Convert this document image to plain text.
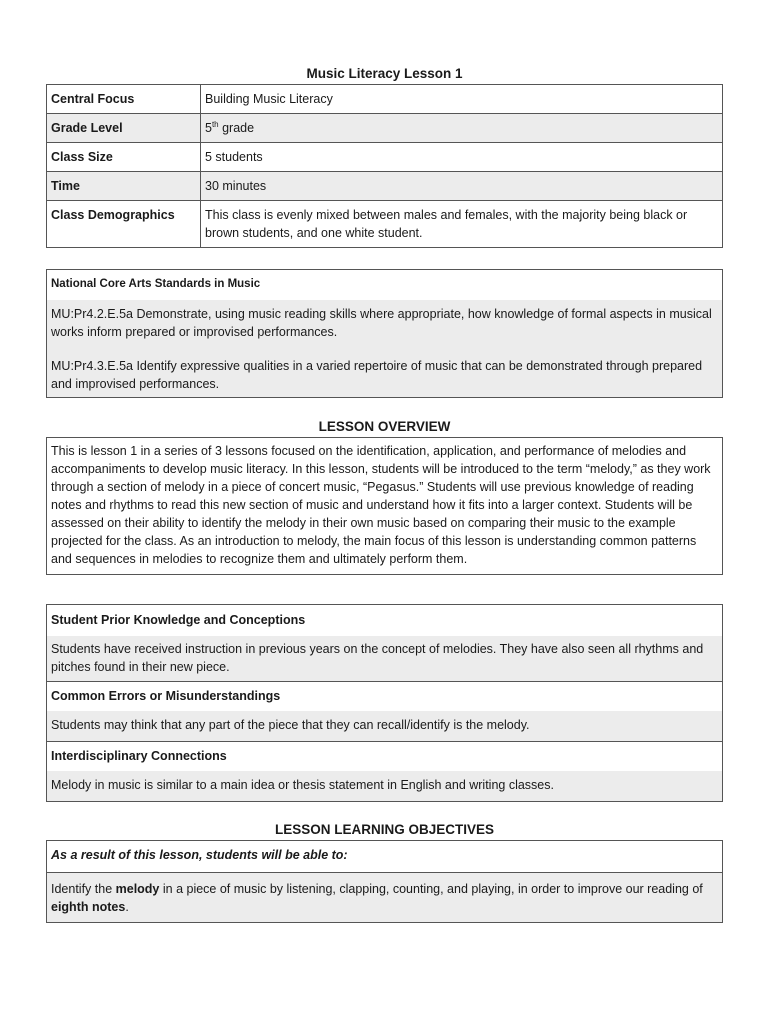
Music Literacy Lesson 1
Central Focus	Building Music Literacy
Grade Level	5th grade
Class Size	5 students
Time	30 minutes
Class Demographics	This class is evenly mixed between males and females, with the majority being black or brown students, and one white student.
National Core Arts Standards in Music

MU:Pr4.2.E.5a Demonstrate, using music reading skills where appropriate, how knowledge of formal aspects in musical works inform prepared or improvised performances.

MU:Pr4.3.E.5a Identify expressive qualities in a varied repertoire of music that can be demonstrated through prepared and improvised performances.

LESSON OVERVIEW

This is lesson 1 in a series of 3 lessons focused on the identification, application, and performance of melodies and accompaniments to develop music literacy. In this lesson, students will be introduced to the term “melody,” as they work through a section of melody in a piece of concert music, “Pegasus.” Students will use previous knowledge of reading notes and rhythms to read this new section of music and understand how it fits into a larger context. Students will be assessed on their ability to identify the melody in their own music based on comparing their music to the example projected for the class. As an introduction to melody, the main focus of this lesson is understanding common patterns and sequences in melodies to recognize them and ultimately perform them.

Student Prior Knowledge and Conceptions
Students have received instruction in previous years on the concept of melodies. They have also seen all rhythms and pitches found in their new piece.
Common Errors or Misunderstandings
Students may think that any part of the piece that they can recall/identify is the melody.
Interdisciplinary Connections
Melody in music is similar to a main idea or thesis statement in English and writing classes.
LESSON LEARNING OBJECTIVES
As a result of this lesson, students will be able to:
Identify the melody in a piece of music by listening, clapping, counting, and playing, in order to improve our reading of eighth notes.
